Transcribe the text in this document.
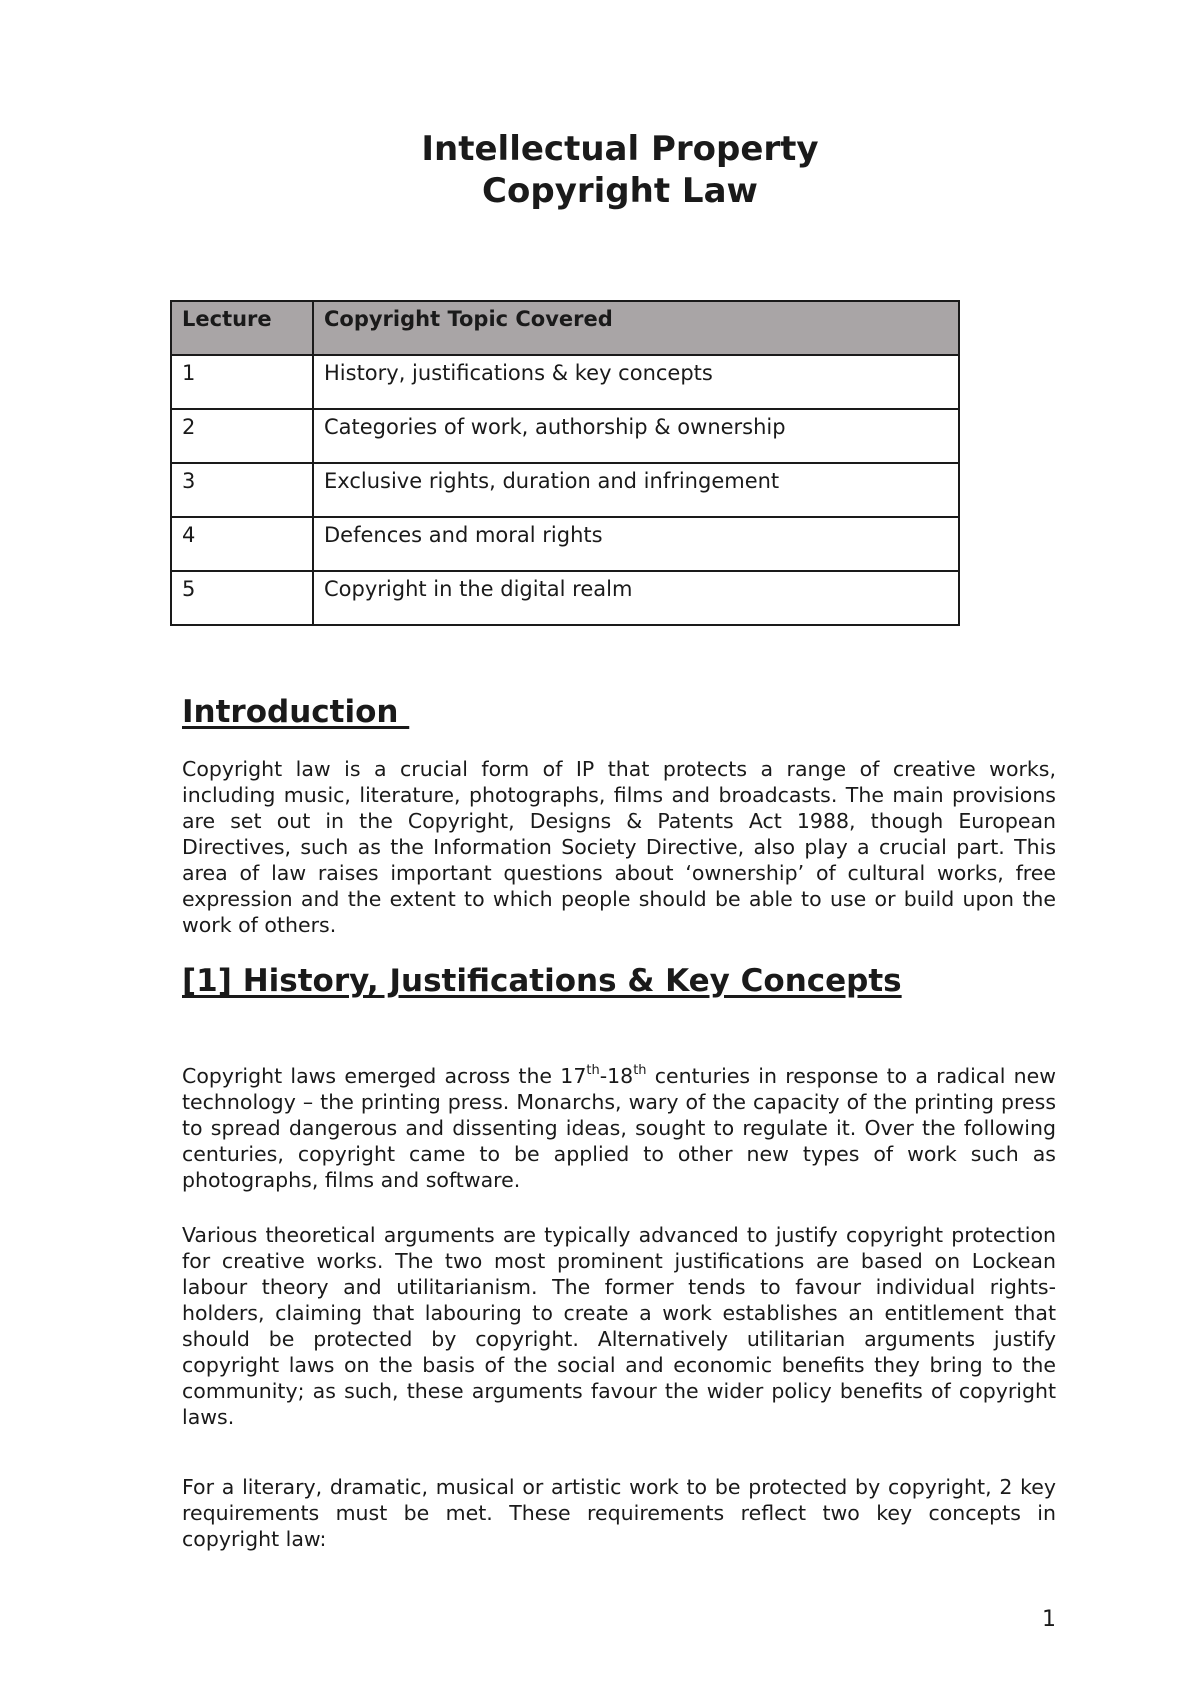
Intellectual Property
Copyright Law
Lecture	Copyright Topic Covered
1	History, justifications & key concepts
2	Categories of work, authorship & ownership
3	Exclusive rights, duration and infringement
4	Defences and moral rights
5	Copyright in the digital realm
Introduction
Copyright law is a crucial form of IP that protects a range of creative works, including music, literature, photographs, films and broadcasts. The main provisions are set out in the Copyright, Designs & Patents Act 1988, though European Directives, such as the Information Society Directive, also play a crucial part. This area of law raises important questions about ‘ownership’ of cultural works, free expression and the extent to which people should be able to use or build upon the work of others.
[1] History, Justifications & Key Concepts
Copyright laws emerged across the 17th-18th centuries in response to a radical new technology – the printing press. Monarchs, wary of the capacity of the printing press to spread dangerous and dissenting ideas, sought to regulate it. Over the following centuries, copyright came to be applied to other new types of work such as photographs, films and software.
Various theoretical arguments are typically advanced to justify copyright protection for creative works. The two most prominent justifications are based on Lockean labour theory and utilitarianism. The former tends to favour individual rights-holders, claiming that labouring to create a work establishes an entitlement that should be protected by copyright. Alternatively utilitarian arguments justify copyright laws on the basis of the social and economic benefits they bring to the community; as such, these arguments favour the wider policy benefits of copyright laws.
For a literary, dramatic, musical or artistic work to be protected by copyright, 2 key requirements must be met. These requirements reflect two key concepts in copyright law:
1
